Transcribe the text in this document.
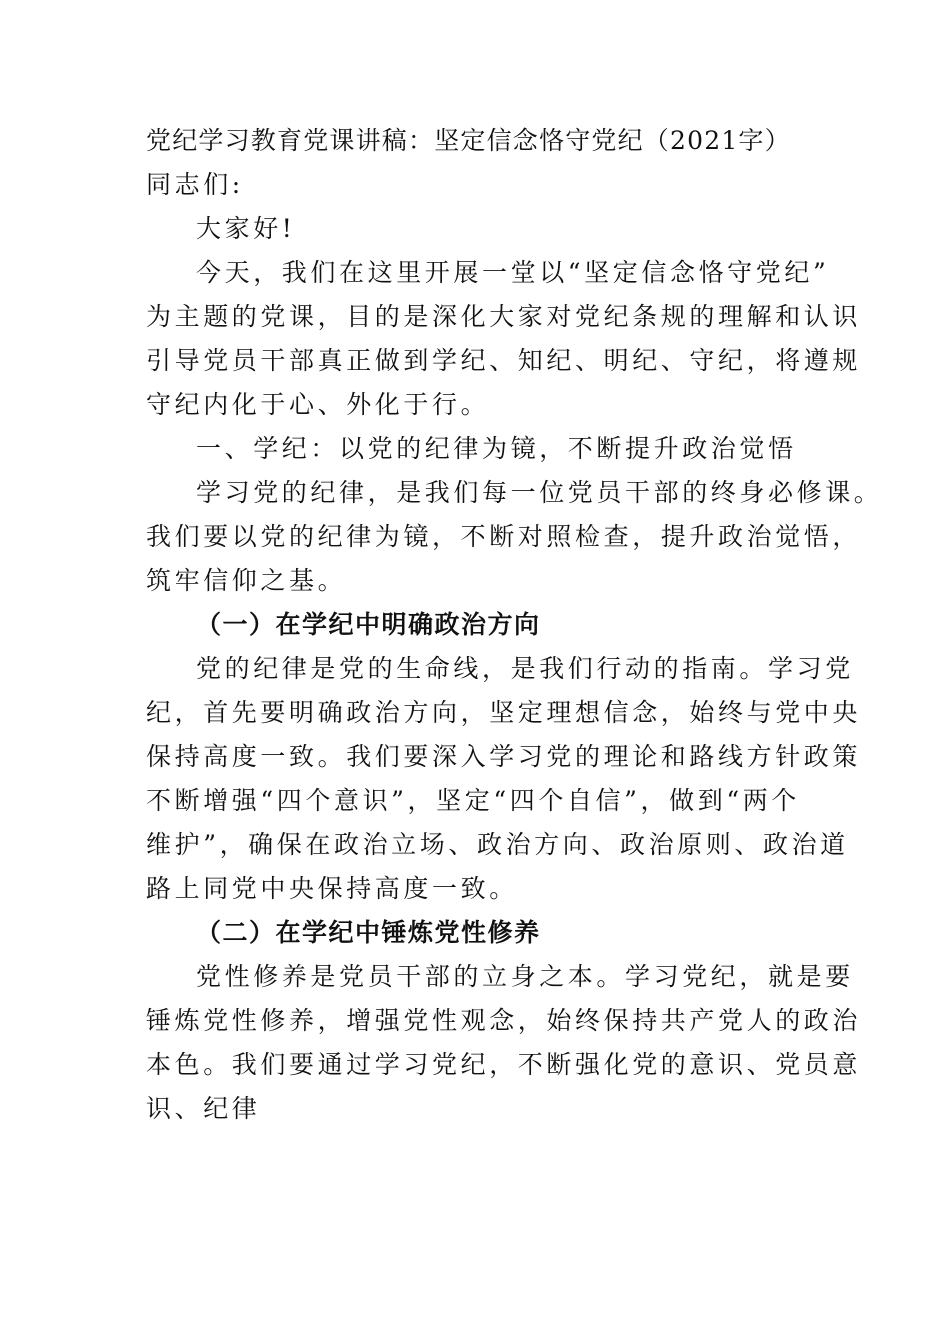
党纪学习教育党课讲稿：坚定信念恪守党纪（2021字）
同志们:
大家好!
今天，我们在这里开展一堂以“坚定信念恪守党纪”
为主题的党课，目的是深化大家对党纪条规的理解和认识
引导党员干部真正做到学纪、知纪、明纪、守纪，将遵规
守纪内化于心、外化于行。
一、学纪：以党的纪律为镜，不断提升政治觉悟
学习党的纪律，是我们每一位党员干部的终身必修课。
我们要以党的纪律为镜，不断对照检查，提升政治觉悟，
筑牢信仰之基。
（一）在学纪中明确政治方向
党的纪律是党的生命线，是我们行动的指南。学习党
纪，首先要明确政治方向，坚定理想信念，始终与党中央
保持高度一致。我们要深入学习党的理论和路线方针政策
不断增强“四个意识”，坚定“四个自信”，做到“两个
维护”，确保在政治立场、政治方向、政治原则、政治道
路上同党中央保持高度一致。
（二）在学纪中锤炼党性修养
党性修养是党员干部的立身之本。学习党纪，就是要
锤炼党性修养，增强党性观念，始终保持共产党人的政治
本色。我们要通过学习党纪，不断强化党的意识、党员意
识、纪律
